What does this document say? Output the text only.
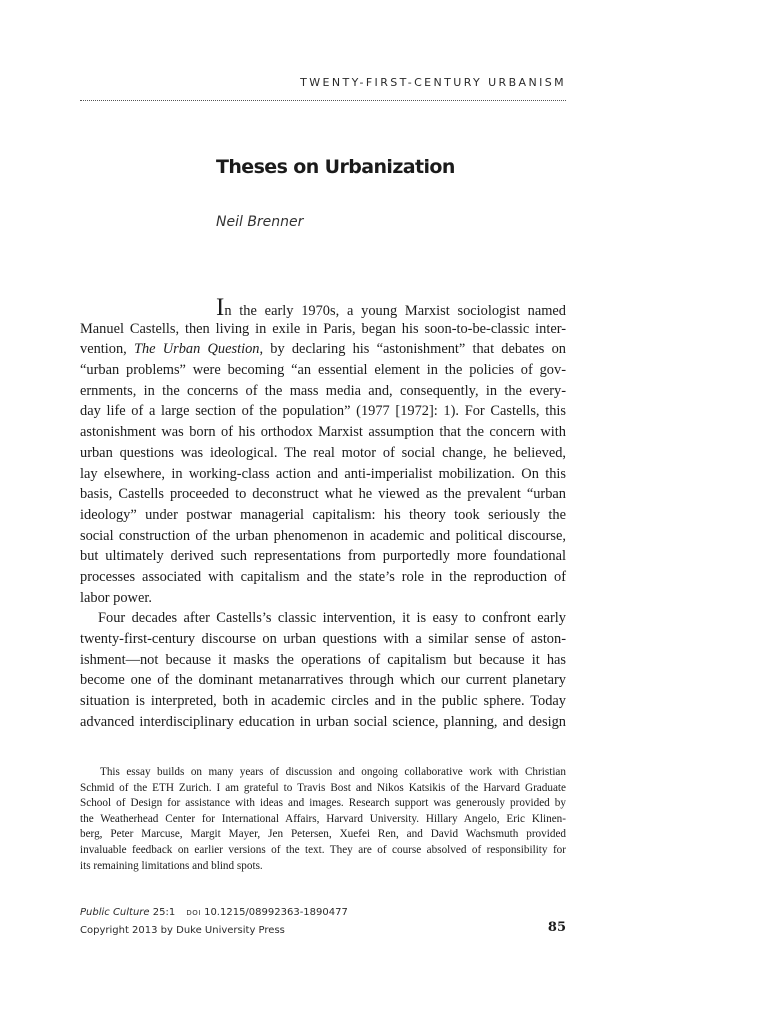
TWENTY-FIRST-CENTURY URBANISM
Theses on Urbanization
Neil Brenner
In the early 1970s, a young Marxist sociologist named
Manuel Castells, then living in exile in Paris, began his soon-to-be-classic inter-
vention, The Urban Question, by declaring his “astonishment” that debates on
“urban problems” were becoming “an essential element in the policies of gov-
ernments, in the concerns of the mass media and, consequently, in the every-
day life of a large section of the population” (1977 [1972]: 1). For Castells, this
astonishment was born of his orthodox Marxist assumption that the concern with
urban questions was ideological. The real motor of social change, he believed,
lay elsewhere, in working-class action and anti-imperialist mobilization. On this
basis, Castells proceeded to deconstruct what he viewed as the prevalent “urban
ideology” under postwar managerial capitalism: his theory took seriously the
social construction of the urban phenomenon in academic and political discourse,
but ultimately derived such representations from purportedly more foundational
processes associated with capitalism and the state’s role in the reproduction of
labor power.
Four decades after Castells’s classic intervention, it is easy to confront early
twenty-first-century discourse on urban questions with a similar sense of aston-
ishment—not because it masks the operations of capitalism but because it has
become one of the dominant metanarratives through which our current planetary
situation is interpreted, both in academic circles and in the public sphere. Today
advanced interdisciplinary education in urban social science, planning, and design
This essay builds on many years of discussion and ongoing collaborative work with Christian
Schmid of the ETH Zurich. I am grateful to Travis Bost and Nikos Katsikis of the Harvard Graduate
School of Design for assistance with ideas and images. Research support was generously provided by
the Weatherhead Center for International Affairs, Harvard University. Hillary Angelo, Eric Klinen-
berg, Peter Marcuse, Margit Mayer, Jen Petersen, Xuefei Ren, and David Wachsmuth provided
invaluable feedback on earlier versions of the text. They are of course absolved of responsibility for
its remaining limitations and blind spots.
Public Culture 25:1 DOI 10.1215/08992363-1890477
Copyright 2013 by Duke University Press	85
